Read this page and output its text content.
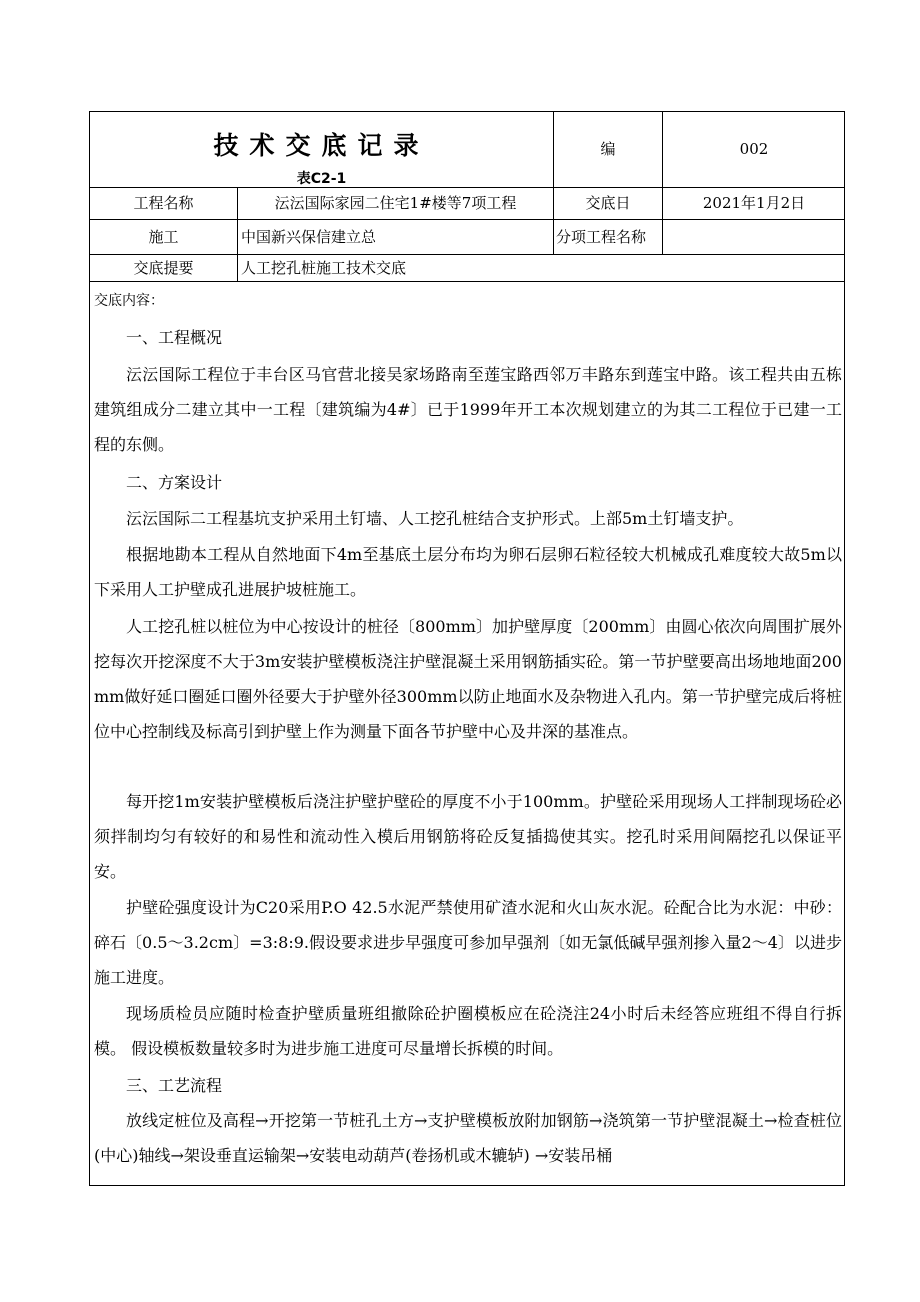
技术交底记录
表C2-1
编	002
工程名称	沄沄国际家园二住宅1#楼等7项工程	交底日	2021年1月2日
施工	中国新兴保信建立总	分项工程名称
交底提要	人工挖孔桩施工技术交底
交底内容：
一、工程概况
沄沄国际工程位于丰台区马官营北接吴家场路南至莲宝路西邻万丰路东到莲宝中路。该工程共由五栋建筑组成分二建立其中一工程〔建筑编为4#〕已于1999年开工本次规划建立的为其二工程位于已建一工程的东侧。
二、方案设计
沄沄国际二工程基坑支护采用土钉墙、人工挖孔桩结合支护形式。上部5m土钉墙支护。
根据地勘本工程从自然地面下4m至基底土层分布均为卵石层卵石粒径较大机械成孔难度较大故5m以下采用人工护壁成孔进展护坡桩施工。
人工挖孔桩以桩位为中心按设计的桩径〔800mm〕加护壁厚度〔200mm〕由圆心依次向周围扩展外挖每次开挖深度不大于3m安装护壁模板浇注护壁混凝土采用钢筋插实砼。第一节护壁要高出场地地面200mm做好延口圈延口圈外径要大于护壁外径300mm以防止地面水及杂物进入孔内。第一节护壁完成后将桩位中心控制线及标高引到护壁上作为测量下面各节护壁中心及井深的基准点。
每开挖1m安装护壁模板后浇注护壁护壁砼的厚度不小于100mm。护壁砼采用现场人工拌制现场砼必须拌制均匀有较好的和易性和流动性入模后用钢筋将砼反复插捣使其实。挖孔时采用间隔挖孔以保证平安。
护壁砼强度设计为C20采用P.O 42.5水泥严禁使用矿渣水泥和火山灰水泥。砼配合比为水泥：中砂：碎石〔0.5～3.2cm〕=3:8:9.假设要求进步早强度可参加早强剂〔如无氯低碱早强剂掺入量2～4〕以进步施工进度。
现场质检员应随时检查护壁质量班组撤除砼护圈模板应在砼浇注24小时后未经答应班组不得自行拆模。 假设模板数量较多时为进步施工进度可尽量增长拆模的时间。
三、工艺流程
放线定桩位及高程→开挖第一节桩孔土方→支护壁模板放附加钢筋→浇筑第一节护壁混凝土→检查桩位(中心)轴线→架设垂直运输架→安装电动葫芦(卷扬机或木辘轳) →安装吊桶
